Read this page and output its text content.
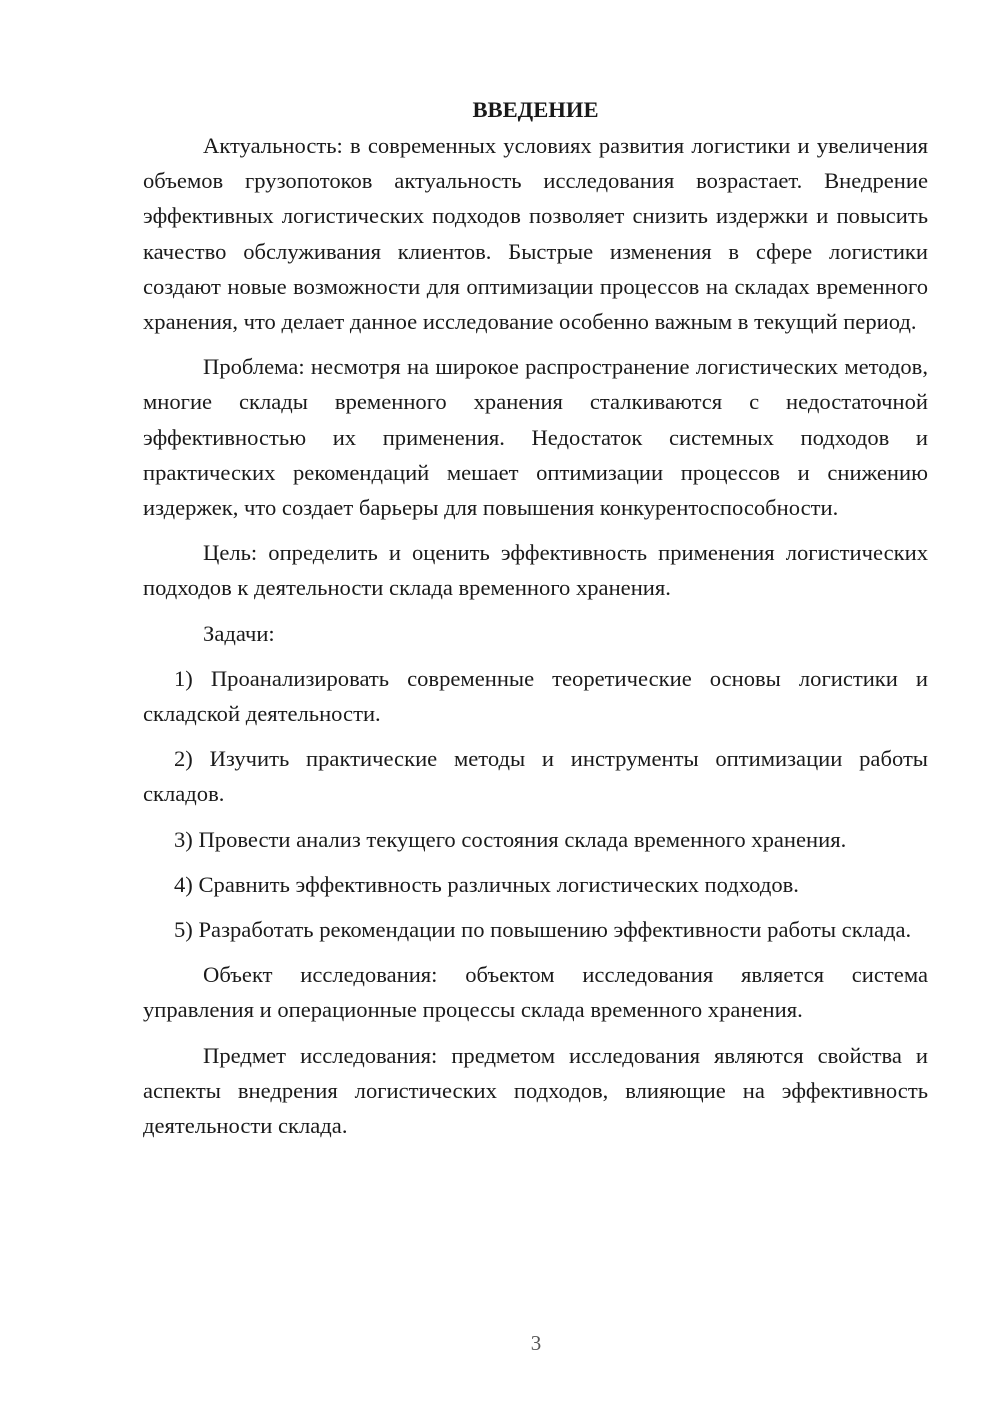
ВВЕДЕНИЕ

Актуальность: в современных условиях развития логистики и увеличения объемов грузопотоков актуальность исследования возрастает. Внедрение эффективных логистических подходов позволяет снизить издержки и повысить качество обслуживания клиентов. Быстрые изменения в сфере логистики создают новые возможности для оптимизации процессов на складах временного хранения, что делает данное исследование особенно важным в текущий период.

Проблема: несмотря на широкое распространение логистических методов, многие склады временного хранения сталкиваются с недостаточной эффективностью их применения. Недостаток системных подходов и практических рекомендаций мешает оптимизации процессов и снижению издержек, что создает барьеры для повышения конкурентоспособности.

Цель: определить и оценить эффективность применения логистических подходов к деятельности склада временного хранения.

Задачи:

1) Проанализировать современные теоретические основы логистики и складской деятельности.

2) Изучить практические методы и инструменты оптимизации работы складов.

3) Провести анализ текущего состояния склада временного хранения.

4) Сравнить эффективность различных логистических подходов.

5) Разработать рекомендации по повышению эффективности работы склада.

Объект исследования: объектом исследования является система управления и операционные процессы склада временного хранения.

Предмет исследования: предметом исследования являются свойства и аспекты внедрения логистических подходов, влияющие на эффективность деятельности склада.

3
